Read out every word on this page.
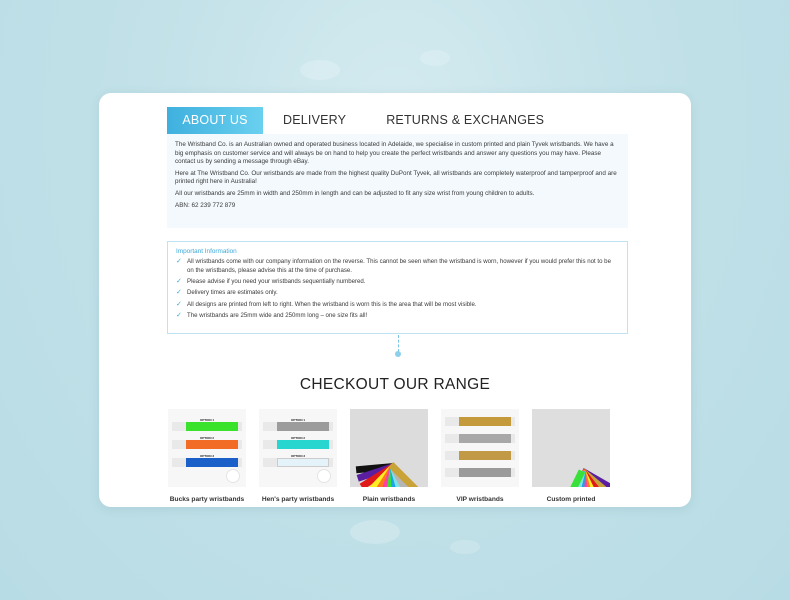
ABOUT US	DELIVERY	RETURNS & EXCHANGES

The Wristband Co. is an Australian owned and operated business located in Adelaide, we specialise in custom printed and plain Tyvek wristbands. We have a big emphasis on customer service and will always be on hand to help you create the perfect wristbands and answer any questions you may have. Please contact us by sending a message through eBay.

Here at The Wristband Co. Our wristbands are made from the highest quality DuPont Tyvek, all wristbands are completely waterproof and tamperproof and are printed right here in Australia!

All our wristbands are 25mm in width and 250mm in length and can be adjusted to fit any size wrist from young children to adults.

ABN: 62 239 772 879

Important Information
✓ All wristbands come with our company information on the reverse. This cannot be seen when the wristband is worn, however if you would prefer this not to be on the wristbands, please advise this at the time of purchase.
✓ Please advise if you need your wristbands sequentially numbered.
✓ Delivery times are estimates only.
✓ All designs are printed from left to right. When the wristband is worn this is the area that will be most visible.
✓ The wristbands are 25mm wide and 250mm long – one size fits all!
CHECKOUT OUR RANGE
OPTION 1
OPTION 2
OPTION 3
Bucks party wristbands
OPTION 1
OPTION 2
OPTION 3
Hen's party wristbands	Plain wristbands	VIP wristbands	Custom printed
